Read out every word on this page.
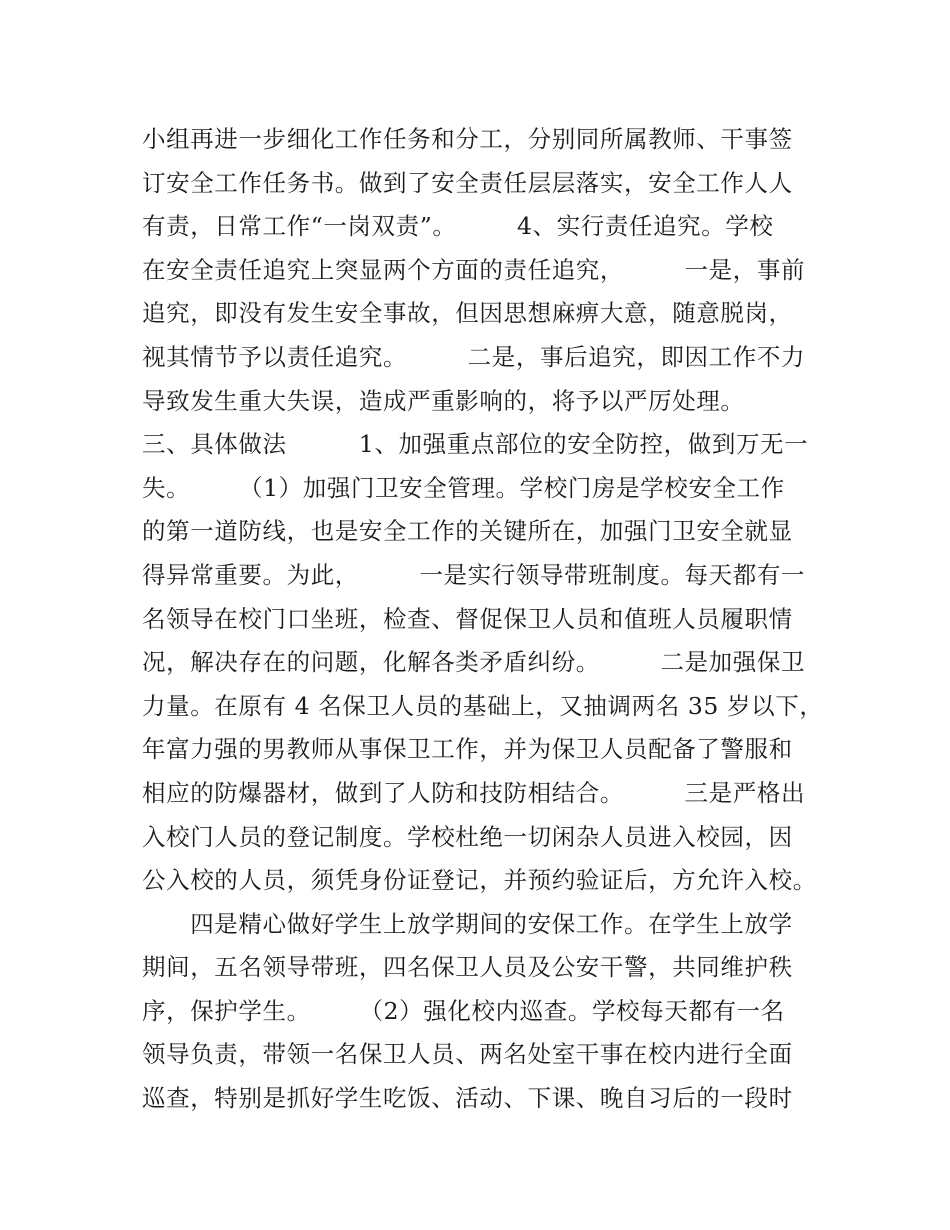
小组再进一步细化工作任务和分工，分别同所属教师、干事签
订安全工作任务书。做到了安全责任层层落实，安全工作人人
有责，日常工作“一岗双责”。　　　4、实行责任追究。学校
在安全责任追究上突显两个方面的责任追究，　　　一是，事前
追究，即没有发生安全事故，但因思想麻痹大意，随意脱岗，
视其情节予以责任追究。　　　二是，事后追究，即因工作不力
导致发生重大失误，造成严重影响的，将予以严厉处理。
三、具体做法　　　1、加强重点部位的安全防控，做到万无一
失。　　　（1）加强门卫安全管理。学校门房是学校安全工作
的第一道防线，也是安全工作的关键所在，加强门卫安全就显
得异常重要。为此，　　　一是实行领导带班制度。每天都有一
名领导在校门口坐班，检查、督促保卫人员和值班人员履职情
况，解决存在的问题，化解各类矛盾纠纷。　　　二是加强保卫
力量。在原有 4 名保卫人员的基础上，又抽调两名 35 岁以下，
年富力强的男教师从事保卫工作，并为保卫人员配备了警服和
相应的防爆器材，做到了人防和技防相结合。　　　三是严格出
入校门人员的登记制度。学校杜绝一切闲杂人员进入校园，因
公入校的人员，须凭身份证登记，并预约验证后，方允许入校。
　　四是精心做好学生上放学期间的安保工作。在学生上放学
期间，五名领导带班，四名保卫人员及公安干警，共同维护秩
序，保护学生。　　　（2）强化校内巡查。学校每天都有一名
领导负责，带领一名保卫人员、两名处室干事在校内进行全面
巡查，特别是抓好学生吃饭、活动、下课、晚自习后的一段时
